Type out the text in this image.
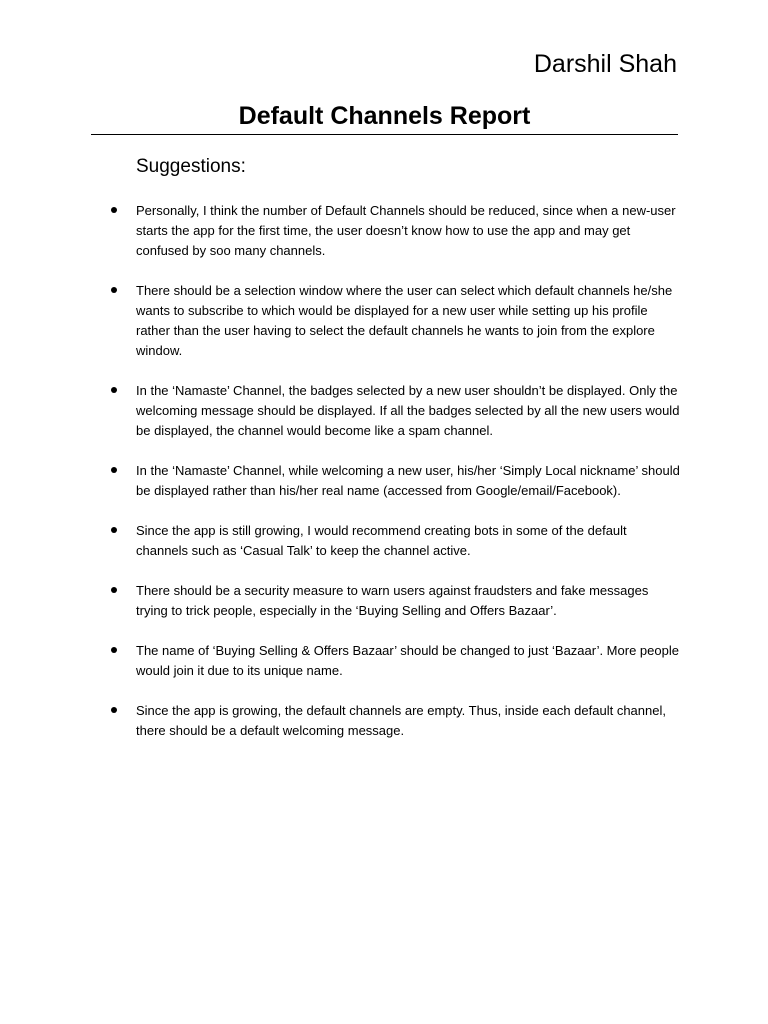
Darshil Shah
Default Channels Report
Suggestions:
Personally, I think the number of Default Channels should be reduced, since when a new-user starts the app for the first time, the user doesn’t know how to use the app and may get confused by soo many channels.
There should be a selection window where the user can select which default channels he/she wants to subscribe to which would be displayed for a new user while setting up his profile rather than the user having to select the default channels he wants to join from the explore window.
In the ‘Namaste’ Channel, the badges selected by a new user shouldn’t be displayed. Only the welcoming message should be displayed. If all the badges selected by all the new users would be displayed, the channel would become like a spam channel.
In the ‘Namaste’ Channel, while welcoming a new user, his/her ‘Simply Local nickname’ should be displayed rather than his/her real name (accessed from Google/email/Facebook).
Since the app is still growing, I would recommend creating bots in some of the default channels such as ‘Casual Talk’ to keep the channel active.
There should be a security measure to warn users against fraudsters and fake messages trying to trick people, especially in the ‘Buying Selling and Offers Bazaar’.
The name of ‘Buying Selling & Offers Bazaar’ should be changed to just ‘Bazaar’. More people would join it due to its unique name.
Since the app is growing, the default channels are empty. Thus, inside each default channel, there should be a default welcoming message.
